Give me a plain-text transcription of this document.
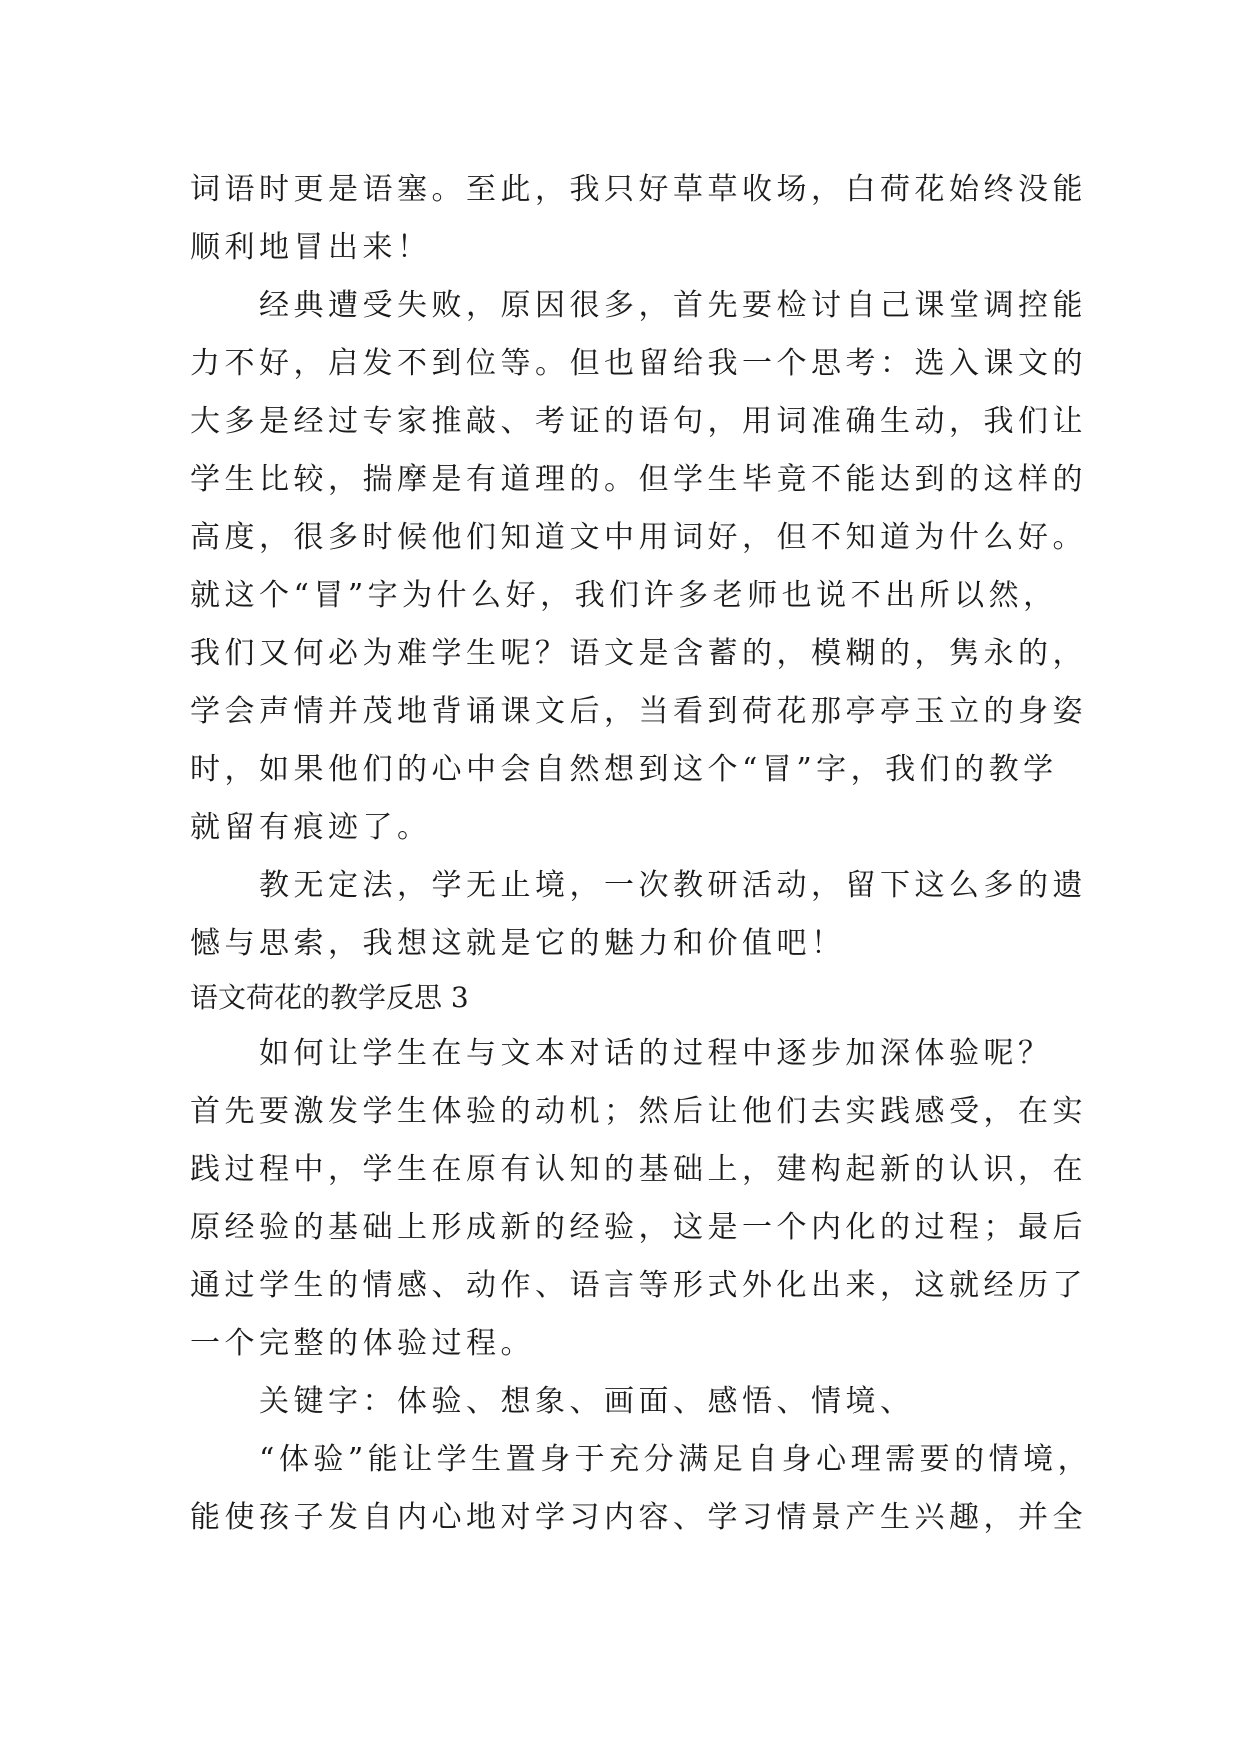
词语时更是语塞。至此，我只好草草收场，白荷花始终没能
顺利地冒出来！
　　经典遭受失败，原因很多，首先要检讨自己课堂调控能
力不好，启发不到位等。但也留给我一个思考：选入课文的
大多是经过专家推敲、考证的语句，用词准确生动，我们让
学生比较，揣摩是有道理的。但学生毕竟不能达到的这样的
高度，很多时候他们知道文中用词好，但不知道为什么好。
就这个“冒”字为什么好，我们许多老师也说不出所以然，
我们又何必为难学生呢？语文是含蓄的，模糊的，隽永的，
学会声情并茂地背诵课文后，当看到荷花那亭亭玉立的身姿
时，如果他们的心中会自然想到这个“冒”字，我们的教学
就留有痕迹了。
　　教无定法，学无止境，一次教研活动，留下这么多的遗
憾与思索，我想这就是它的魅力和价值吧！
语文荷花的教学反思 3
　　如何让学生在与文本对话的过程中逐步加深体验呢？
首先要激发学生体验的动机；然后让他们去实践感受，在实
践过程中，学生在原有认知的基础上，建构起新的认识，在
原经验的基础上形成新的经验，这是一个内化的过程；最后
通过学生的情感、动作、语言等形式外化出来，这就经历了
一个完整的体验过程。
　　关键字：体验、想象、画面、感悟、情境、
　　“体验”能让学生置身于充分满足自身心理需要的情境，
能使孩子发自内心地对学习内容、学习情景产生兴趣，并全
